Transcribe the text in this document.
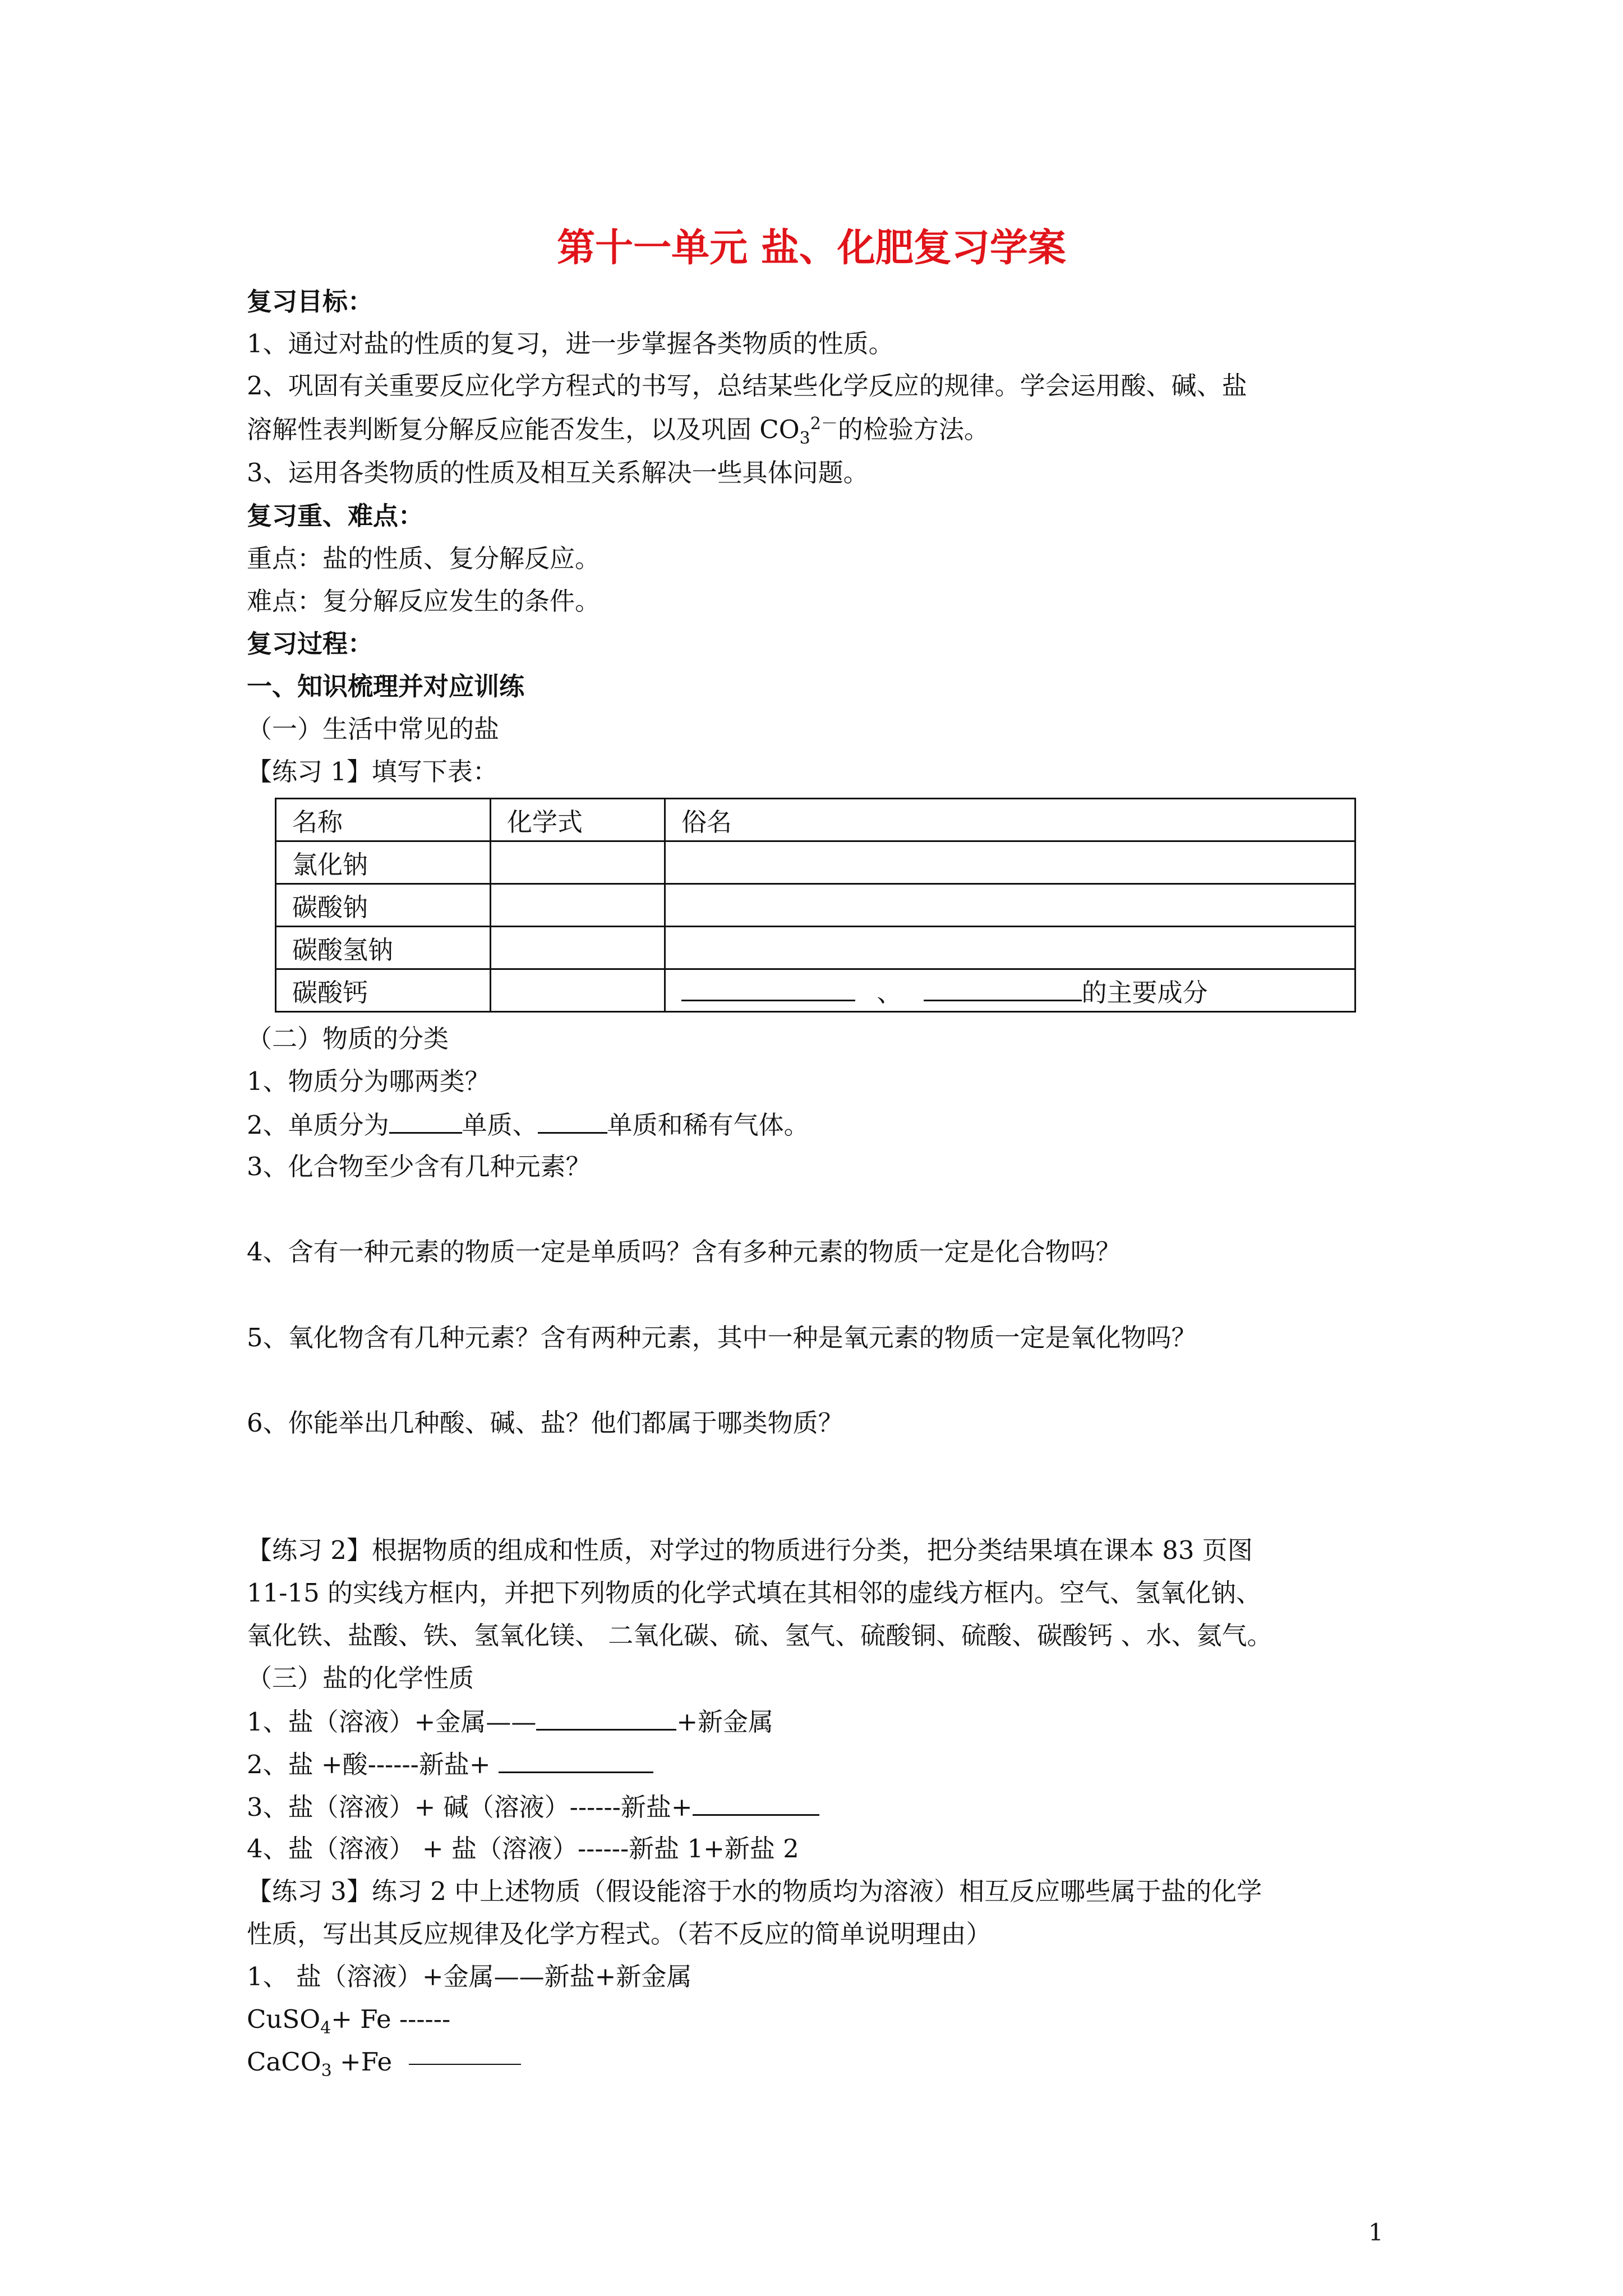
第十一单元 盐、化肥复习学案
复习目标：
1、通过对盐的性质的复习，进一步掌握各类物质的性质。
2、巩固有关重要反应化学方程式的书写，总结某些化学反应的规律。学会运用酸、碱、盐
溶解性表判断复分解反应能否发生，以及巩固 $CO_3^{2-}$的检验方法。
3、运用各类物质的性质及相互关系解决一些具体问题。
复习重、难点：
重点：盐的性质、复分解反应。
难点：复分解反应发生的条件。
复习过程：
一、知识梳理并对应训练
（一）生活中常见的盐
【练习 1】填写下表：
名称	化学式	俗名
氯化钠		
碳酸钠		
碳酸氢钠		
碳酸钙		、 的主要成分
（二）物质的分类
1、物质分为哪两类？
2、单质分为	单质、	单质和稀有气体。
3、化合物至少含有几种元素？
4、含有一种元素的物质一定是单质吗？含有多种元素的物质一定是化合物吗？
5、氧化物含有几种元素？含有两种元素，其中一种是氧元素的物质一定是氧化物吗？
6、你能举出几种酸、碱、盐？他们都属于哪类物质？
【练习 2】根据物质的组成和性质，对学过的物质进行分类，把分类结果填在课本 83 页图
11-15 的实线方框内，并把下列物质的化学式填在其相邻的虚线方框内。空气、氢氧化钠、
氧化铁、盐酸、铁、氢氧化镁、 二氧化碳、硫、氢气、硫酸铜、硫酸、碳酸钙 、水、氦气。
（三）盐的化学性质
1、盐（溶液）+金属——	+新金属
2、盐 +酸------新盐+
3、盐（溶液）+ 碱（溶液）------新盐+
4、盐（溶液） + 盐（溶液）------新盐 1+新盐 2
【练习 3】练习 2 中上述物质（假设能溶于水的物质均为溶液）相互反应哪些属于盐的化学
性质，写出其反应规律及化学方程式。（若不反应的简单说明理由）
1、 盐（溶液）+金属——新盐+新金属
CuSO$_4$+ Fe ------
CaCO$_3$ +Fe
1
